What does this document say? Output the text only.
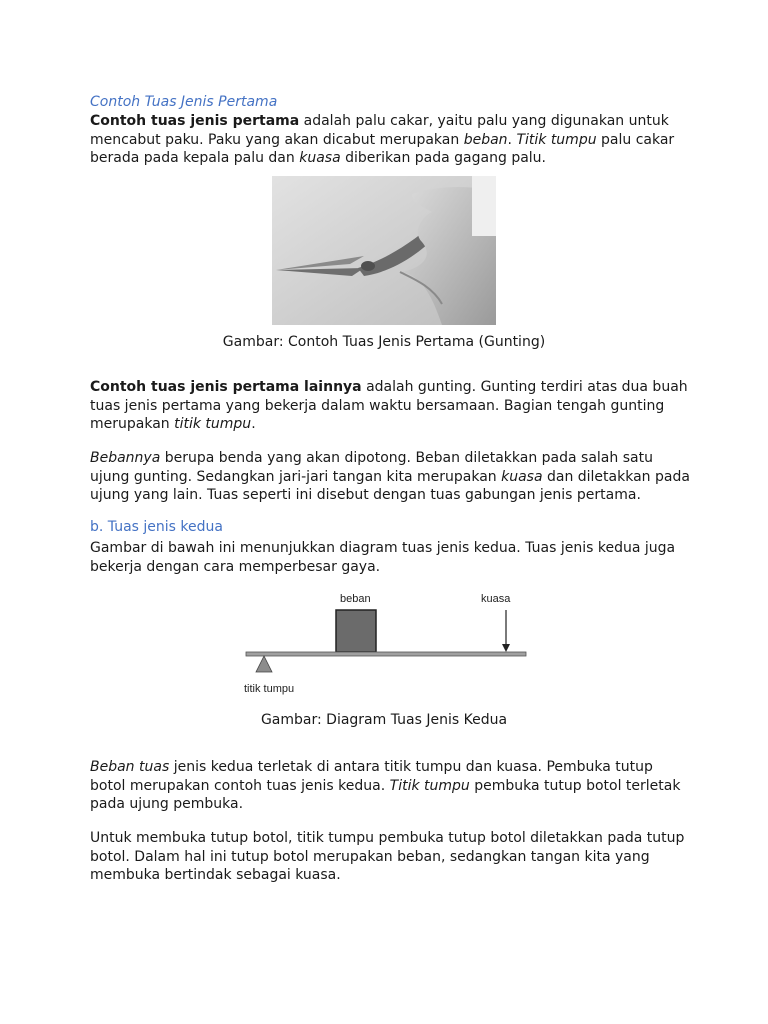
Contoh Tuas Jenis Pertama

Contoh tuas jenis pertama adalah palu cakar, yaitu palu yang digunakan untuk mencabut paku. Paku yang akan dicabut merupakan beban. Titik tumpu palu cakar berada pada kepala palu dan kuasa diberikan pada gagang palu.

Gambar: Contoh Tuas Jenis Pertama (Gunting)

Contoh tuas jenis pertama lainnya adalah gunting. Gunting terdiri atas dua buah tuas jenis pertama yang bekerja dalam waktu bersamaan. Bagian tengah gunting merupakan titik tumpu.

Bebannya berupa benda yang akan dipotong. Beban diletakkan pada salah satu ujung gunting. Sedangkan jari-jari tangan kita merupakan kuasa dan diletakkan pada ujung yang lain. Tuas seperti ini disebut dengan tuas gabungan jenis pertama.

b. Tuas jenis kedua

Gambar di bawah ini menunjukkan diagram tuas jenis kedua. Tuas jenis kedua juga bekerja dengan cara memperbesar gaya.

beban	kuasa
titik tumpu

Gambar: Diagram Tuas Jenis Kedua

Beban tuas jenis kedua terletak di antara titik tumpu dan kuasa. Pembuka tutup botol merupakan contoh tuas jenis kedua. Titik tumpu pembuka tutup botol terletak pada ujung pembuka.

Untuk membuka tutup botol, titik tumpu pembuka tutup botol diletakkan pada tutup botol. Dalam hal ini tutup botol merupakan beban, sedangkan tangan kita yang membuka bertindak sebagai kuasa.
